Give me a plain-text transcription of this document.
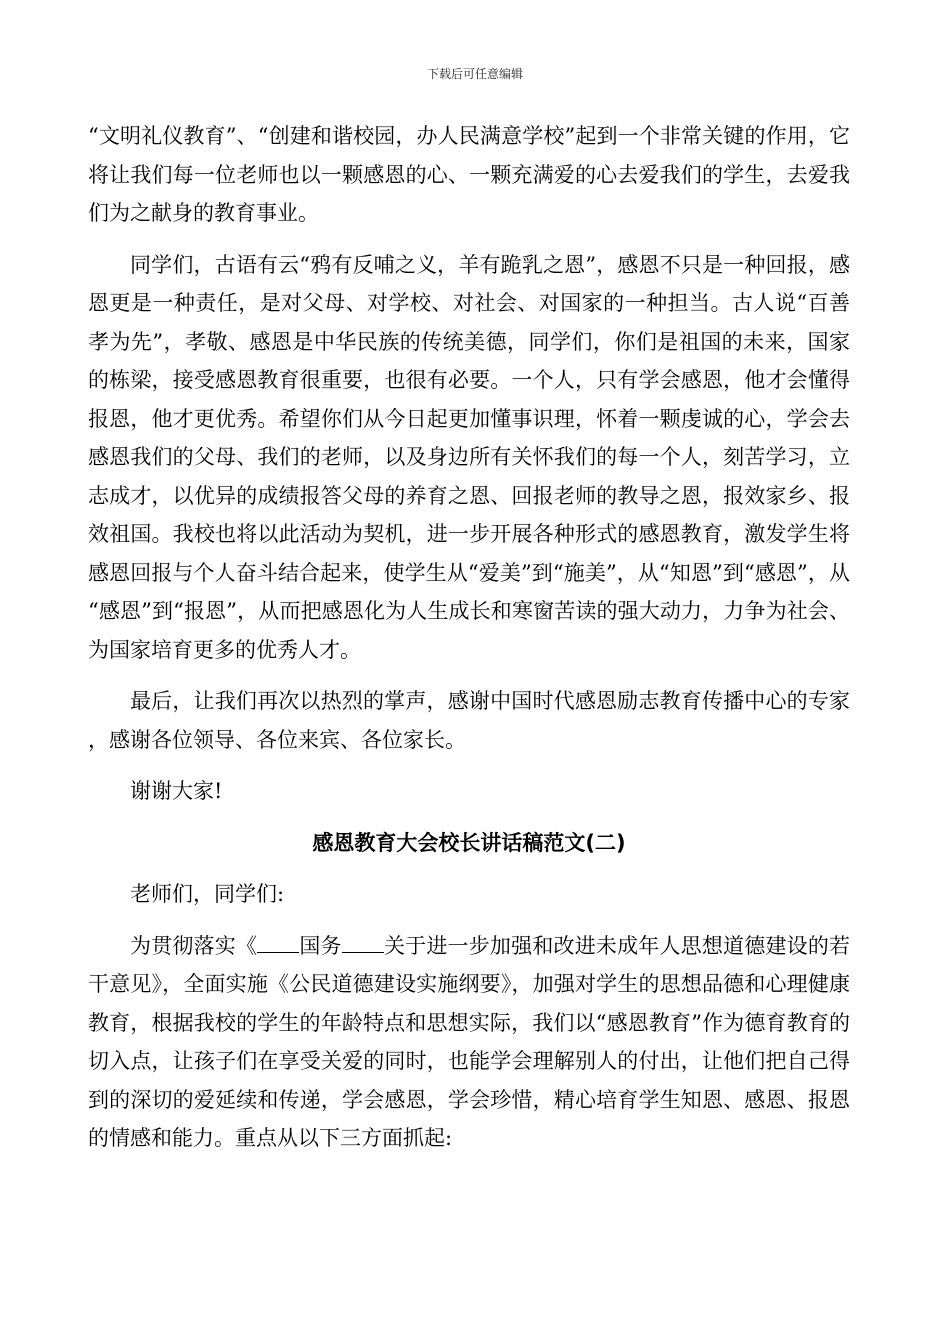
下载后可任意编辑

“文明礼仪教育”、“创建和谐校园，办人民满意学校”起到一个非常关键的作用，它将让我们每一位老师也以一颗感恩的心、一颗充满爱的心去爱我们的学生，去爱我们为之献身的教育事业。

同学们，古语有云“鸦有反哺之义，羊有跪乳之恩”，感恩不只是一种回报，感恩更是一种责任，是对父母、对学校、对社会、对国家的一种担当。古人说“百善孝为先”，孝敬、感恩是中华民族的传统美德，同学们，你们是祖国的未来，国家的栋梁，接受感恩教育很重要，也很有必要。一个人，只有学会感恩，他才会懂得报恩，他才更优秀。希望你们从今日起更加懂事识理，怀着一颗虔诚的心，学会去感恩我们的父母、我们的老师，以及身边所有关怀我们的每一个人，刻苦学习，立志成才，以优异的成绩报答父母的养育之恩、回报老师的教导之恩，报效家乡、报效祖国。我校也将以此活动为契机，进一步开展各种形式的感恩教育，激发学生将感恩回报与个人奋斗结合起来，使学生从“爱美”到“施美”，从“知恩”到“感恩”，从“感恩”到“报恩”，从而把感恩化为人生成长和寒窗苦读的强大动力，力争为社会、为国家培育更多的优秀人才。

最后，让我们再次以热烈的掌声，感谢中国时代感恩励志教育传播中心的专家，感谢各位领导、各位来宾、各位家长。

谢谢大家!

感恩教育大会校长讲话稿范文(二)

老师们，同学们:

为贯彻落实《 国务 关于进一步加强和改进未成年人思想道德建设的若干意见》，全面实施《公民道德建设实施纲要》，加强对学生的思想品德和心理健康教育，根据我校的学生的年龄特点和思想实际，我们以“感恩教育”作为德育教育的切入点，让孩子们在享受关爱的同时，也能学会理解别人的付出，让他们把自己得到的深切的爱延续和传递，学会感恩，学会珍惜，精心培育学生知恩、感恩、报恩的情感和能力。重点从以下三方面抓起:
